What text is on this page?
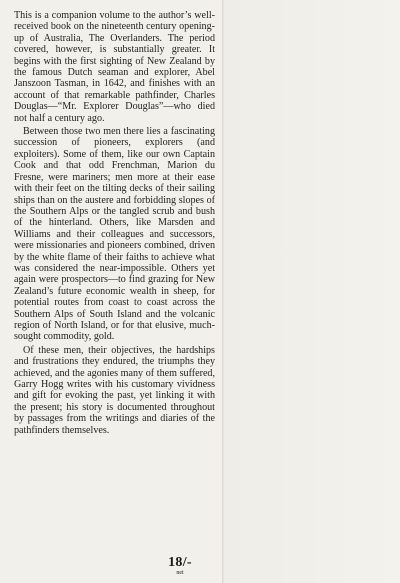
This is a companion volume to the author’s well-received book on the nineteenth century opening-up of Australia, The Overlanders. The period covered, however, is substantially greater. It begins with the first sighting of New Zealand by the famous Dutch seaman and explorer, Abel Janszoon Tasman, in 1642, and finishes with an account of that remarkable pathfinder, Charles Douglas—“Mr. Explorer Douglas”—who died not half a century ago.

Between those two men there lies a fascinating succession of pioneers, explorers (and exploiters). Some of them, like our own Captain Cook and that odd Frenchman, Marion du Fresne, were mariners; men more at their ease with their feet on the tilting decks of their sailing ships than on the austere and forbidding slopes of the Southern Alps or the tangled scrub and bush of the hinterland. Others, like Marsden and Williams and their colleagues and successors, were missionaries and pioneers combined, driven by the white flame of their faiths to achieve what was considered the near-impossible. Others yet again were prospectors—to find grazing for New Zealand’s future economic wealth in sheep, for potential routes from coast to coast across the Southern Alps of South Island and the volcanic region of North Island, or for that elusive, much-sought commodity, gold.

Of these men, their objectives, the hardships and frustrations they endured, the triumphs they achieved, and the agonies many of them suffered, Garry Hogg writes with his customary vividness and gift for evoking the past, yet linking it with the present; his story is documented throughout by passages from the writings and diaries of the pathfinders themselves.

18/-
net
